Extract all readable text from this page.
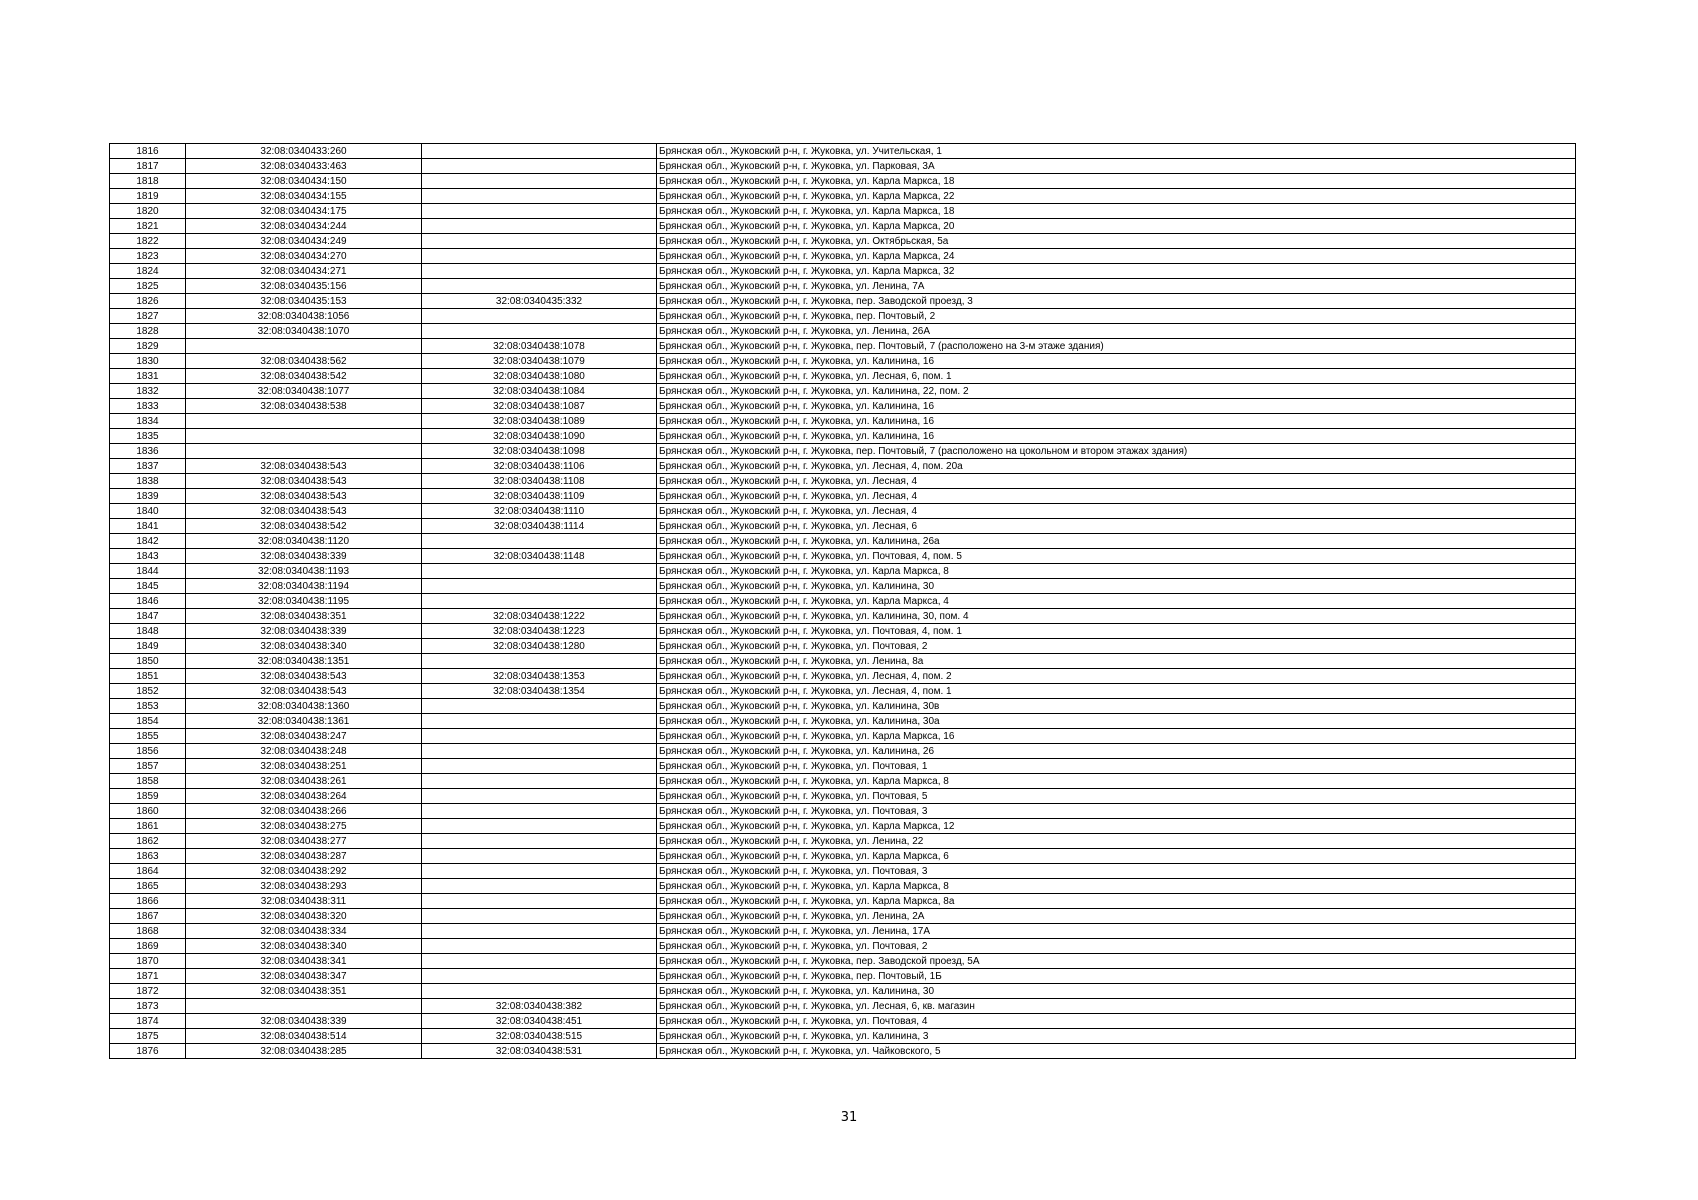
1816	32:08:0340433:260		Брянская обл., Жуковский р-н, г. Жуковка, ул. Учительская, 1
1817	32:08:0340433:463		Брянская обл., Жуковский р-н, г. Жуковка, ул. Парковая, 3А
1818	32:08:0340434:150		Брянская обл., Жуковский р-н, г. Жуковка, ул. Карла Маркса, 18
1819	32:08:0340434:155		Брянская обл., Жуковский р-н, г. Жуковка, ул. Карла Маркса, 22
1820	32:08:0340434:175		Брянская обл., Жуковский р-н, г. Жуковка, ул. Карла Маркса, 18
1821	32:08:0340434:244		Брянская обл., Жуковский р-н, г. Жуковка, ул. Карла Маркса, 20
1822	32:08:0340434:249		Брянская обл., Жуковский р-н, г. Жуковка, ул. Октябрьская, 5а
1823	32:08:0340434:270		Брянская обл., Жуковский р-н, г. Жуковка, ул. Карла Маркса, 24
1824	32:08:0340434:271		Брянская обл., Жуковский р-н, г. Жуковка, ул. Карла Маркса, 32
1825	32:08:0340435:156		Брянская обл., Жуковский р-н, г. Жуковка, ул. Ленина, 7А
1826	32:08:0340435:153	32:08:0340435:332	Брянская обл., Жуковский р-н, г. Жуковка, пер. Заводской проезд, 3
1827	32:08:0340438:1056		Брянская обл., Жуковский р-н, г. Жуковка, пер. Почтовый, 2
1828	32:08:0340438:1070		Брянская обл., Жуковский р-н, г. Жуковка, ул. Ленина, 26А
1829		32:08:0340438:1078	Брянская обл., Жуковский р-н, г. Жуковка, пер. Почтовый, 7 (расположено на 3-м этаже здания)
1830	32:08:0340438:562	32:08:0340438:1079	Брянская обл., Жуковский р-н, г. Жуковка, ул. Калинина, 16
1831	32:08:0340438:542	32:08:0340438:1080	Брянская обл., Жуковский р-н, г. Жуковка, ул. Лесная, 6, пом. 1
1832	32:08:0340438:1077	32:08:0340438:1084	Брянская обл., Жуковский р-н, г. Жуковка, ул. Калинина, 22, пом. 2
1833	32:08:0340438:538	32:08:0340438:1087	Брянская обл., Жуковский р-н, г. Жуковка, ул. Калинина, 16
1834		32:08:0340438:1089	Брянская обл., Жуковский р-н, г. Жуковка, ул. Калинина, 16
1835		32:08:0340438:1090	Брянская обл., Жуковский р-н, г. Жуковка, ул. Калинина, 16
1836		32:08:0340438:1098	Брянская обл., Жуковский р-н, г. Жуковка, пер. Почтовый, 7 (расположено на цокольном и втором этажах здания)
1837	32:08:0340438:543	32:08:0340438:1106	Брянская обл., Жуковский р-н, г. Жуковка, ул. Лесная, 4, пом. 20а
1838	32:08:0340438:543	32:08:0340438:1108	Брянская обл., Жуковский р-н, г. Жуковка, ул. Лесная, 4
1839	32:08:0340438:543	32:08:0340438:1109	Брянская обл., Жуковский р-н, г. Жуковка, ул. Лесная, 4
1840	32:08:0340438:543	32:08:0340438:1110	Брянская обл., Жуковский р-н, г. Жуковка, ул. Лесная, 4
1841	32:08:0340438:542	32:08:0340438:1114	Брянская обл., Жуковский р-н, г. Жуковка, ул. Лесная, 6
1842	32:08:0340438:1120		Брянская обл., Жуковский р-н, г. Жуковка, ул. Калинина, 26а
1843	32:08:0340438:339	32:08:0340438:1148	Брянская обл., Жуковский р-н, г. Жуковка, ул. Почтовая, 4, пом. 5
1844	32:08:0340438:1193		Брянская обл., Жуковский р-н, г. Жуковка, ул. Карла Маркса, 8
1845	32:08:0340438:1194		Брянская обл., Жуковский р-н, г. Жуковка, ул. Калинина, 30
1846	32:08:0340438:1195		Брянская обл., Жуковский р-н, г. Жуковка, ул. Карла Маркса, 4
1847	32:08:0340438:351	32:08:0340438:1222	Брянская обл., Жуковский р-н, г. Жуковка, ул. Калинина, 30, пом. 4
1848	32:08:0340438:339	32:08:0340438:1223	Брянская обл., Жуковский р-н, г. Жуковка, ул. Почтовая, 4, пом. 1
1849	32:08:0340438:340	32:08:0340438:1280	Брянская обл., Жуковский р-н, г. Жуковка, ул. Почтовая, 2
1850	32:08:0340438:1351		Брянская обл., Жуковский р-н, г. Жуковка, ул. Ленина, 8а
1851	32:08:0340438:543	32:08:0340438:1353	Брянская обл., Жуковский р-н, г. Жуковка, ул. Лесная, 4, пом. 2
1852	32:08:0340438:543	32:08:0340438:1354	Брянская обл., Жуковский р-н, г. Жуковка, ул. Лесная, 4, пом. 1
1853	32:08:0340438:1360		Брянская обл., Жуковский р-н, г. Жуковка, ул. Калинина, 30в
1854	32:08:0340438:1361		Брянская обл., Жуковский р-н, г. Жуковка, ул. Калинина, 30а
1855	32:08:0340438:247		Брянская обл., Жуковский р-н, г. Жуковка, ул. Карла Маркса, 16
1856	32:08:0340438:248		Брянская обл., Жуковский р-н, г. Жуковка, ул. Калинина, 26
1857	32:08:0340438:251		Брянская обл., Жуковский р-н, г. Жуковка, ул. Почтовая, 1
1858	32:08:0340438:261		Брянская обл., Жуковский р-н, г. Жуковка, ул. Карла Маркса, 8
1859	32:08:0340438:264		Брянская обл., Жуковский р-н, г. Жуковка, ул. Почтовая, 5
1860	32:08:0340438:266		Брянская обл., Жуковский р-н, г. Жуковка, ул. Почтовая, 3
1861	32:08:0340438:275		Брянская обл., Жуковский р-н, г. Жуковка, ул. Карла Маркса, 12
1862	32:08:0340438:277		Брянская обл., Жуковский р-н, г. Жуковка, ул. Ленина, 22
1863	32:08:0340438:287		Брянская обл., Жуковский р-н, г. Жуковка, ул. Карла Маркса, 6
1864	32:08:0340438:292		Брянская обл., Жуковский р-н, г. Жуковка, ул. Почтовая, 3
1865	32:08:0340438:293		Брянская обл., Жуковский р-н, г. Жуковка, ул. Карла Маркса, 8
1866	32:08:0340438:311		Брянская обл., Жуковский р-н, г. Жуковка, ул. Карла Маркса, 8а
1867	32:08:0340438:320		Брянская обл., Жуковский р-н, г. Жуковка, ул. Ленина, 2А
1868	32:08:0340438:334		Брянская обл., Жуковский р-н, г. Жуковка, ул. Ленина, 17А
1869	32:08:0340438:340		Брянская обл., Жуковский р-н, г. Жуковка, ул. Почтовая, 2
1870	32:08:0340438:341		Брянская обл., Жуковский р-н, г. Жуковка, пер. Заводской проезд, 5А
1871	32:08:0340438:347		Брянская обл., Жуковский р-н, г. Жуковка, пер. Почтовый, 1Б
1872	32:08:0340438:351		Брянская обл., Жуковский р-н, г. Жуковка, ул. Калинина, 30
1873		32:08:0340438:382	Брянская обл., Жуковский р-н, г. Жуковка, ул. Лесная, 6, кв. магазин
1874	32:08:0340438:339	32:08:0340438:451	Брянская обл., Жуковский р-н, г. Жуковка, ул. Почтовая, 4
1875	32:08:0340438:514	32:08:0340438:515	Брянская обл., Жуковский р-н, г. Жуковка, ул. Калинина, 3
1876	32:08:0340438:285	32:08:0340438:531	Брянская обл., Жуковский р-н, г. Жуковка, ул. Чайковского, 5
31
